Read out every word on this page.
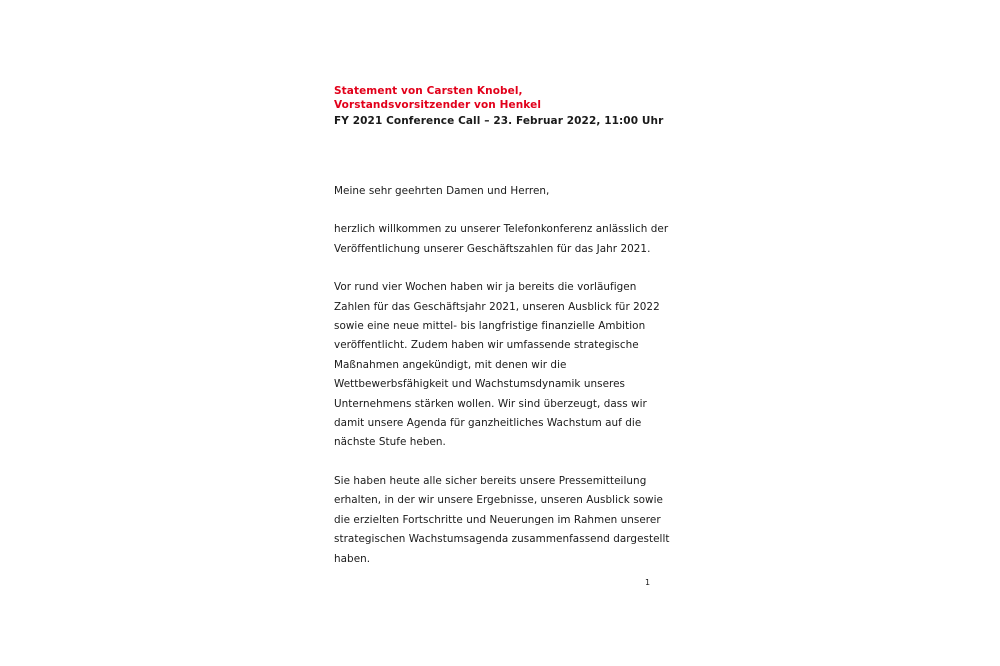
Statement von Carsten Knobel,
Vorstandsvorsitzender von Henkel
FY 2021 Conference Call – 23. Februar 2022, 11:00 Uhr

Meine sehr geehrten Damen und Herren,

herzlich willkommen zu unserer Telefonkonferenz anlässlich der Veröffentlichung unserer Geschäftszahlen für das Jahr 2021.

Vor rund vier Wochen haben wir ja bereits die vorläufigen Zahlen für das Geschäftsjahr 2021, unseren Ausblick für 2022 sowie eine neue mittel- bis langfristige finanzielle Ambition veröffentlicht. Zudem haben wir umfassende strategische Maßnahmen angekündigt, mit denen wir die Wettbewerbsfähigkeit und Wachstumsdynamik unseres Unternehmens stärken wollen. Wir sind überzeugt, dass wir damit unsere Agenda für ganzheitliches Wachstum auf die nächste Stufe heben.

Sie haben heute alle sicher bereits unsere Pressemitteilung erhalten, in der wir unsere Ergebnisse, unseren Ausblick sowie die erzielten Fortschritte und Neuerungen im Rahmen unserer strategischen Wachstumsagenda zusammenfassend dargestellt haben.

1
